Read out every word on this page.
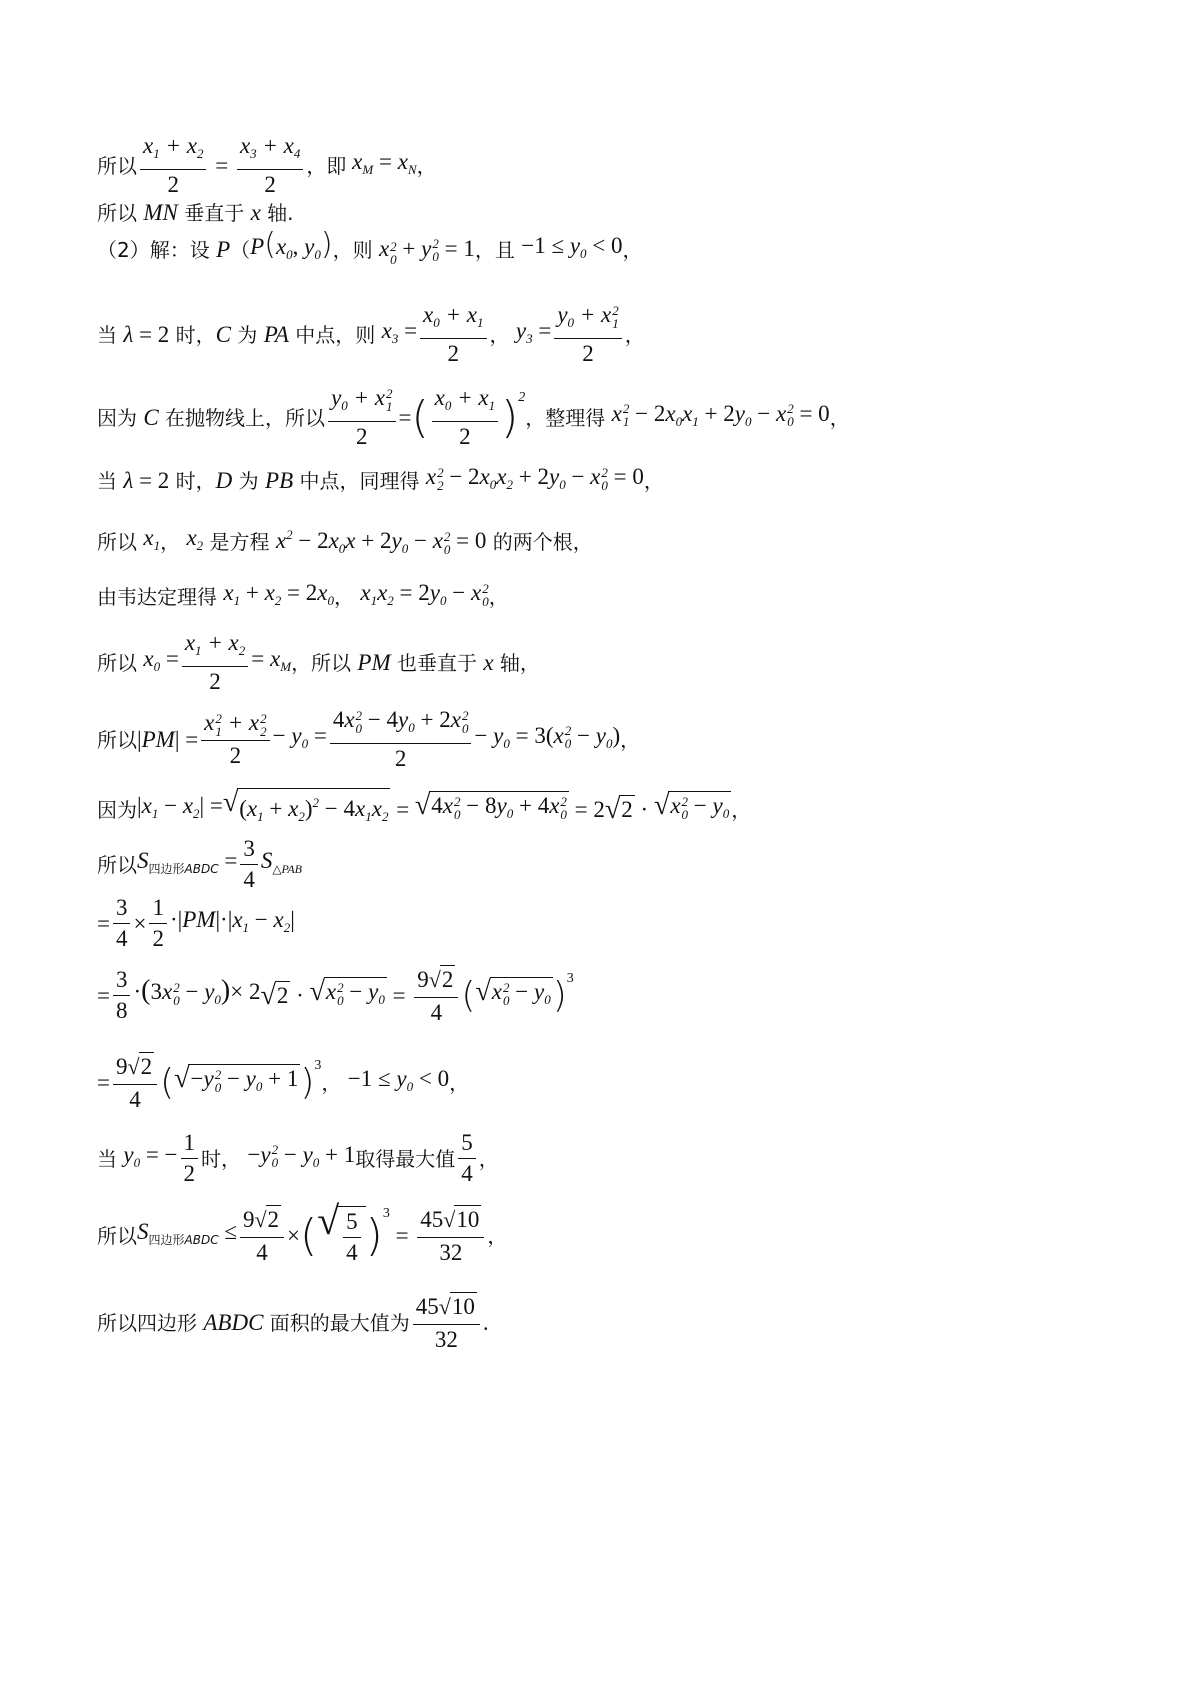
所以 $\frac{x_1 + x_2}{2} = \frac{x_3 + x_4}{2}$ ，即 $x_M = x_N$ ，
所以 MN 垂直于 x 轴.
（2）解：设 P （ $P(x_0$, $y_0$) ，则 x 2
0 + y 2
0 = 1 ，且 $-1 \le y_0 < 0$ ，
当 λ = 2 时， C 为 PA 中点，则 $x_3 = \frac{x_0 + x_1}{2}$ ， $y_3 = y_0 + x$ 2
1
2 ，
因为 C 在抛物线上，所以 $y_0 + x$ 2
1
2 = ( $\frac{x_0 + x_1}{2}$ ) 2
，整理得 x 2
$1 - 2x_0x_1 + 2y_0 - x$ 2
0 = 0 ，
当 λ = 2 时， D 为 PB 中点，同理得 x 2
$2 - 2x_0x_2 + 2y_0 - x$ 2
0 = 0 ，
所以 $x_1$ ， $x_2$ 是方程 $x^2 - 2x_0x + 2y_0 - x$ 2
0 = 0 的两个根，
由韦达定理得 $x_1 + x_2 = 2x_0$ ， $x_1x_2 = 2y_0 - x$ 2
0 ，
所以 $x_0 = \frac{x_1 + x_2}{2} = x_M$ ，所以 PM 也垂直于 x 轴，
所以 |PM| = x 2
1 + x 2
2
$2 - y_0 = 4x$ 2
$0 - 4y_0 + 2x$ 2
0
$2 - y_0 = 3(x$ 2
$0 - y_0$) ，
因为 $|x_1 - x_2|$ = √ $(x_1 + x_2)^2 - 4x_1x_2$ = √ 4x 2
$0 - 8y_0 + 4x$ 2
0 = 2 √ 2 · √ x 2
$0 - y_0$ ，
所以 $S_{四边形ABDC} = \frac{3}{4} S_{\triangle PAB}$
= $\frac{3}{4} \times \frac{1}{2} \cdot|PM|\cdot|x_1 - x_2|$
= $\frac{3}{8} \cdot(3x$ 2
$0 - y_0)\times 2$ √ 2 · √ x 2
$0 - y_0 = \frac{9 √ 2}{4}$ ( √ x 2
$0 - y_0$ ) 3
= $\frac{9 √ 2}{4}$ ( √ −y 2
$0 - y_0 + 1$ ) 3
， $-1 \le y_0 < 0$ ，
当 $y_0$ = − $\frac{1}{2}$ 时， −y 2
$0 - y_0 + 1$ 取得最大值 $\frac{5}{4}$ ，
所以 $S_{四边形ABDC} \le \frac{9 √ 2}{4}$ × ( √ $\frac{5}{4}$ ) 3
= $\frac{45 √ 10}{32}$ ，
所以四边形 ABDC 面积的最大值为 $\frac{45 √ 10}{32}$ .
